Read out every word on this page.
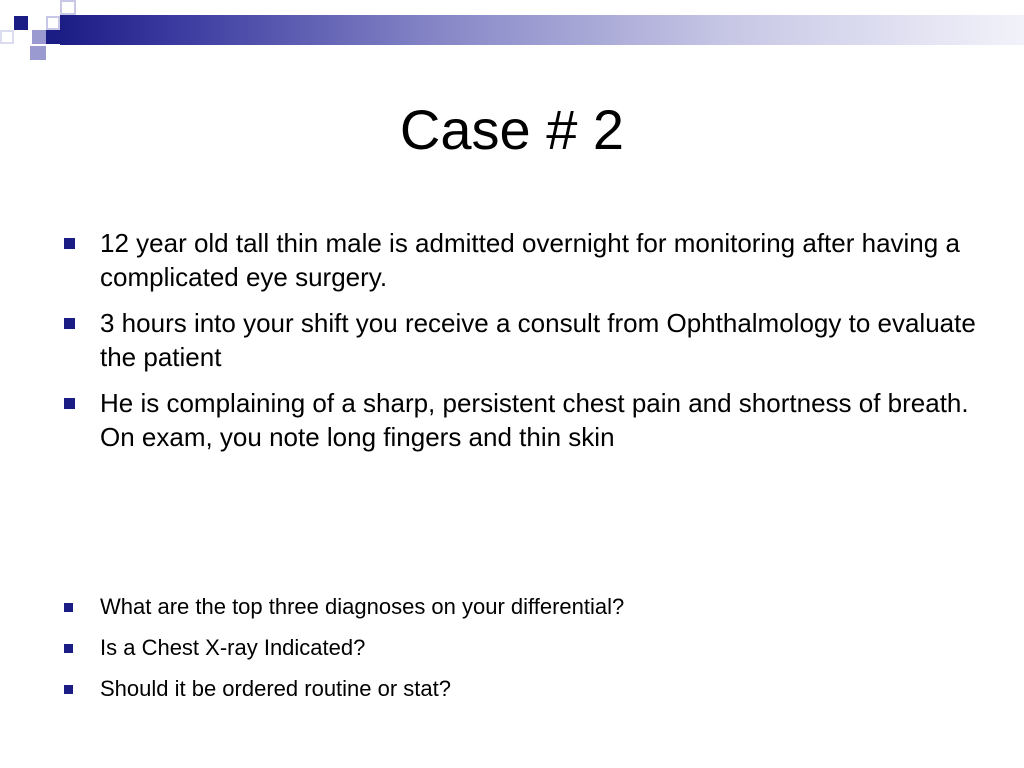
Case # 2
12 year old tall thin male is admitted overnight for monitoring after having a complicated eye surgery.
3 hours into your shift you receive a consult from Ophthalmology to evaluate the patient
He is complaining of a sharp, persistent chest pain and shortness of breath. On exam, you note long fingers and thin skin
What are the top three diagnoses on your differential?
Is a Chest X-ray Indicated?
Should it be ordered routine or stat?
